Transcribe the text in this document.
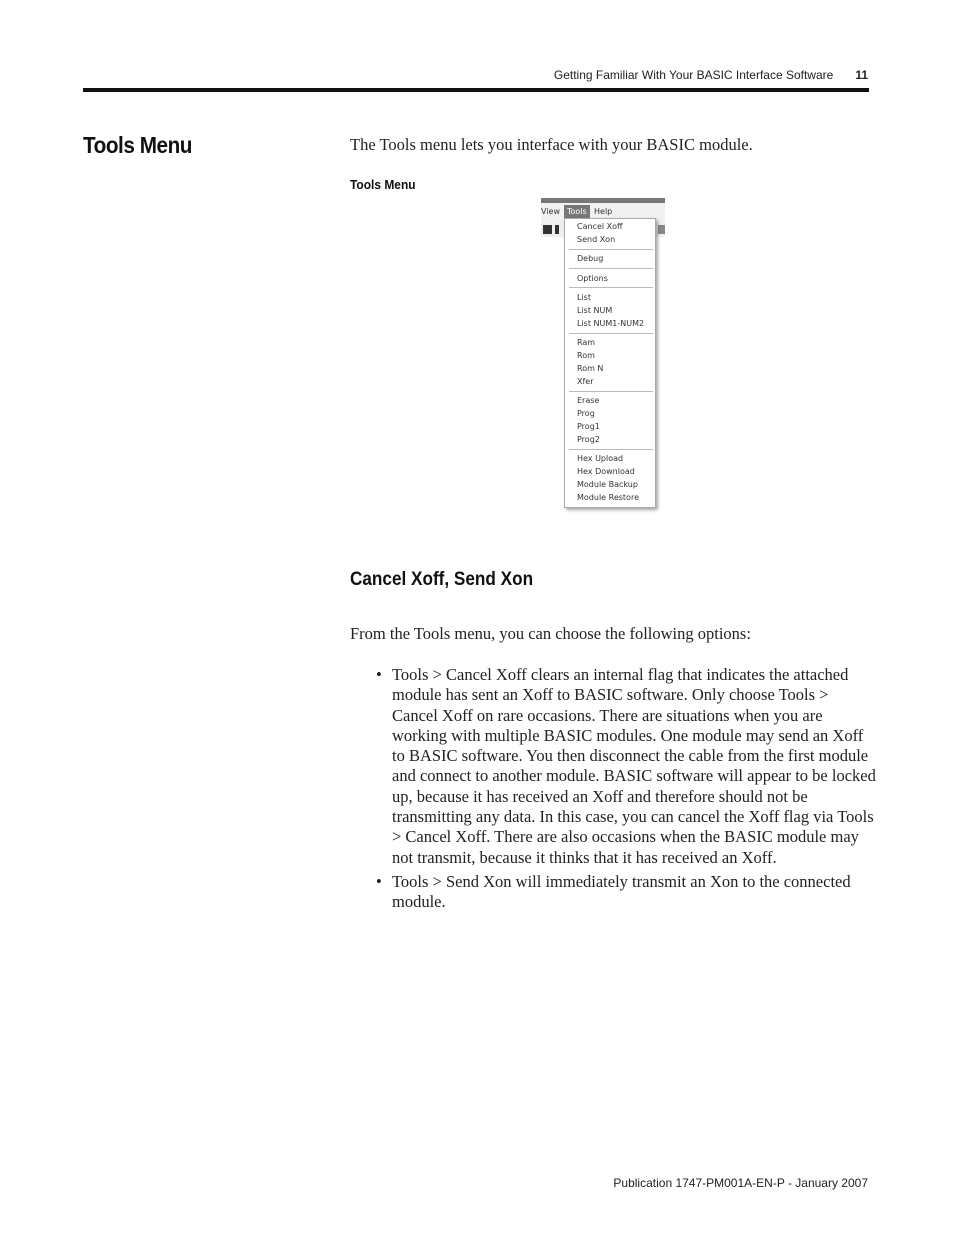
Getting Familiar With Your BASIC Interface Software 11
Tools Menu	The Tools menu lets you interface with your BASIC module.

Tools Menu

View Tools Help
Cancel Xoff
Send Xon
Debug
Options
List
List NUM
List NUM1-NUM2
Ram
Rom
Rom N
Xfer
Erase
Prog
Prog1
Prog2
Hex Upload
Hex Download
Module Backup
Module Restore
Cancel Xoff, Send Xon

From the Tools menu, you can choose the following options:

• Tools > Cancel Xoff clears an internal flag that indicates the attached module has sent an Xoff to BASIC software. Only choose Tools > Cancel Xoff on rare occasions. There are situations when you are working with multiple BASIC modules. One module may send an Xoff to BASIC software. You then disconnect the cable from the first module and connect to another module. BASIC software will appear to be locked up, because it has received an Xoff and therefore should not be transmitting any data. In this case, you can cancel the Xoff flag via Tools > Cancel Xoff. There are also occasions when the BASIC module may not transmit, because it thinks that it has received an Xoff.
• Tools > Send Xon will immediately transmit an Xon to the connected module.

Publication 1747-PM001A-EN-P - January 2007
